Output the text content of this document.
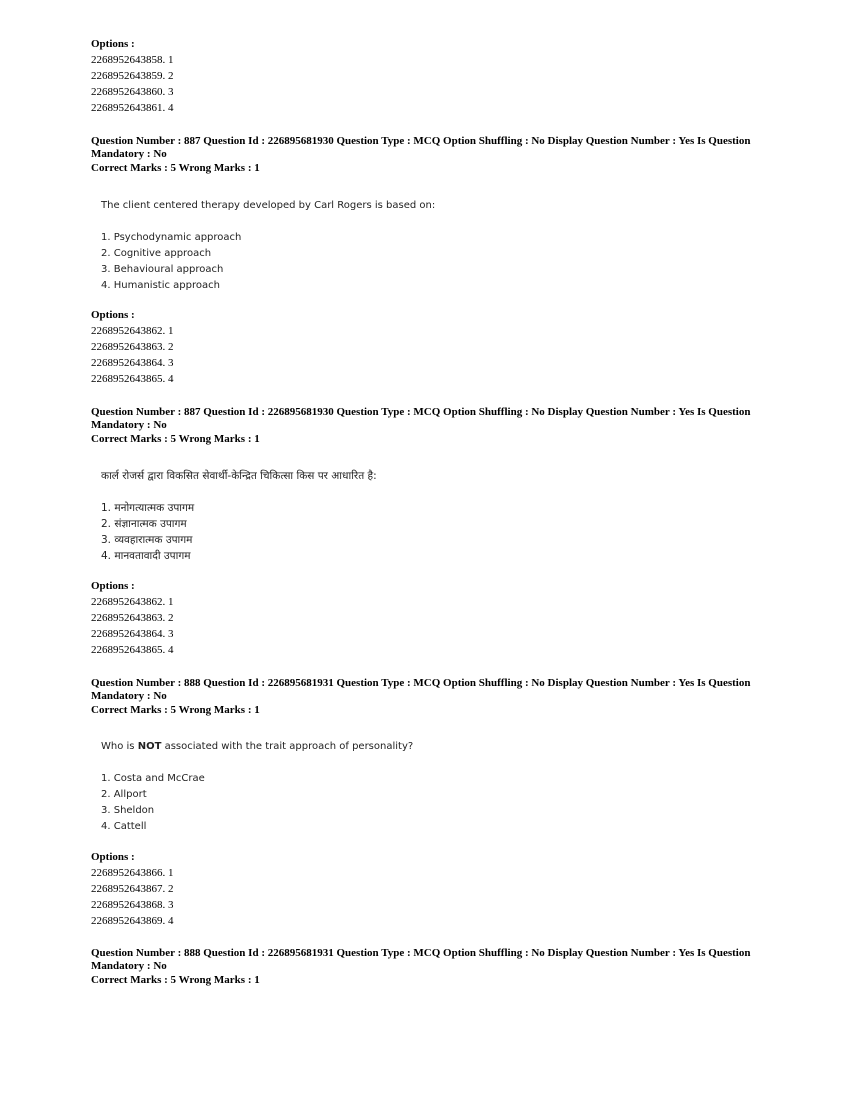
Options :
2268952643858. 1
2268952643859. 2
2268952643860. 3
2268952643861. 4
Question Number : 887 Question Id : 226895681930 Question Type : MCQ Option Shuffling : No Display Question Number : Yes Is Question Mandatory : No
Correct Marks : 5 Wrong Marks : 1

The client centered therapy developed by Carl Rogers is based on:

1. Psychodynamic approach
2. Cognitive approach
3. Behavioural approach
4. Humanistic approach
Options :
2268952643862. 1
2268952643863. 2
2268952643864. 3
2268952643865. 4
Question Number : 887 Question Id : 226895681930 Question Type : MCQ Option Shuffling : No Display Question Number : Yes Is Question Mandatory : No
Correct Marks : 5 Wrong Marks : 1

कार्ल रोजर्स द्वारा विकसित सेवार्थी-केन्द्रित चिकित्सा किस पर आधारित है:

1. मनोगत्यात्मक उपागम
2. संज्ञानात्मक उपागम
3. व्यवहारात्मक उपागम
4. मानवतावादी उपागम
Options :
2268952643862. 1
2268952643863. 2
2268952643864. 3
2268952643865. 4
Question Number : 888 Question Id : 226895681931 Question Type : MCQ Option Shuffling : No Display Question Number : Yes Is Question Mandatory : No
Correct Marks : 5 Wrong Marks : 1

Who is NOT associated with the trait approach of personality?

1. Costa and McCrae
2. Allport
3. Sheldon
4. Cattell
Options :
2268952643866. 1
2268952643867. 2
2268952643868. 3
2268952643869. 4
Question Number : 888 Question Id : 226895681931 Question Type : MCQ Option Shuffling : No Display Question Number : Yes Is Question Mandatory : No
Correct Marks : 5 Wrong Marks : 1
